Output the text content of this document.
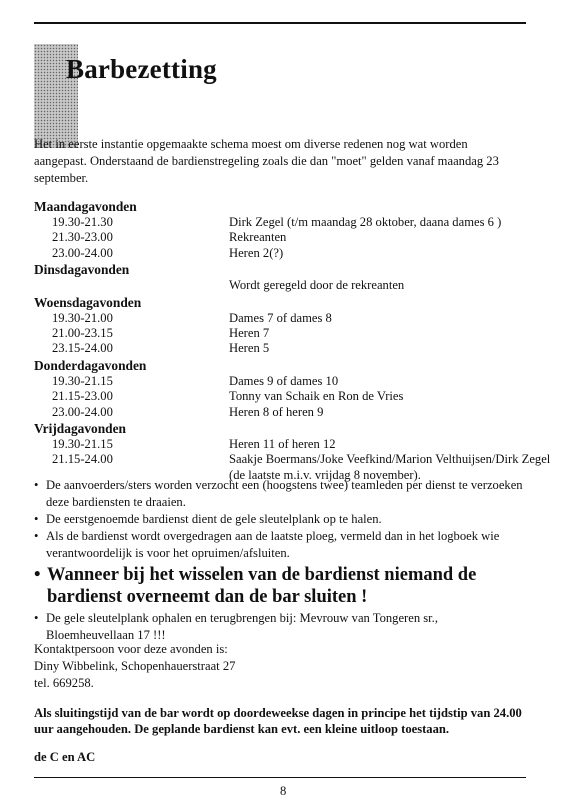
Barbezetting
Het in eerste instantie opgemaakte schema moest om diverse redenen nog wat worden aangepast. Onderstaand de bardienstregeling zoals die dan "moet" gelden vanaf maandag 23 september.
Maandagavonden
19.30-21.30	Dirk Zegel (t/m maandag 28 oktober, daana dames 6 )
21.30-23.00	Rekreanten
23.00-24.00	Heren 2(?)
Dinsdagavonden
Wordt geregeld door de rekreanten
Woensdagavonden
19.30-21.00	Dames 7 of dames 8
21.00-23.15	Heren 7
23.15-24.00	Heren 5
Donderdagavonden
19.30-21.15	Dames 9 of dames 10
21.15-23.00	Tonny van Schaik en Ron de Vries
23.00-24.00	Heren 8 of heren 9
Vrijdagavonden
19.30-21.15	Heren 11 of heren 12
21.15-24.00	Saakje Boermans/Joke Veefkind/Marion Velthuijsen/Dirk Zegel
(de laatste m.i.v. vrijdag 8 november).
• De aanvoerders/sters worden verzocht een (hoogstens twee) teamleden per dienst te verzoeken deze bardiensten te draaien.
• De eerstgenoemde bardienst dient de gele sleutelplank op te halen.
• Als de bardienst wordt overgedragen aan de laatste ploeg, vermeld dan in het logboek wie verantwoordelijk is voor het opruimen/afsluiten.
• Wanneer bij het wisselen van de bardienst niemand de bardienst overneemt dan de bar sluiten !
• De gele sleutelplank ophalen en terugbrengen bij: Mevrouw van Tongeren sr., Bloemheuvellaan 17 !!!
Kontaktpersoon voor deze avonden is:
Diny Wibbelink, Schopenhauerstraat 27
tel. 669258.
Als sluitingstijd van de bar wordt op doordeweekse dagen in principe het tijdstip van 24.00 uur aangehouden. De geplande bardienst kan evt. een kleine uitloop toestaan.
de C en AC
8
